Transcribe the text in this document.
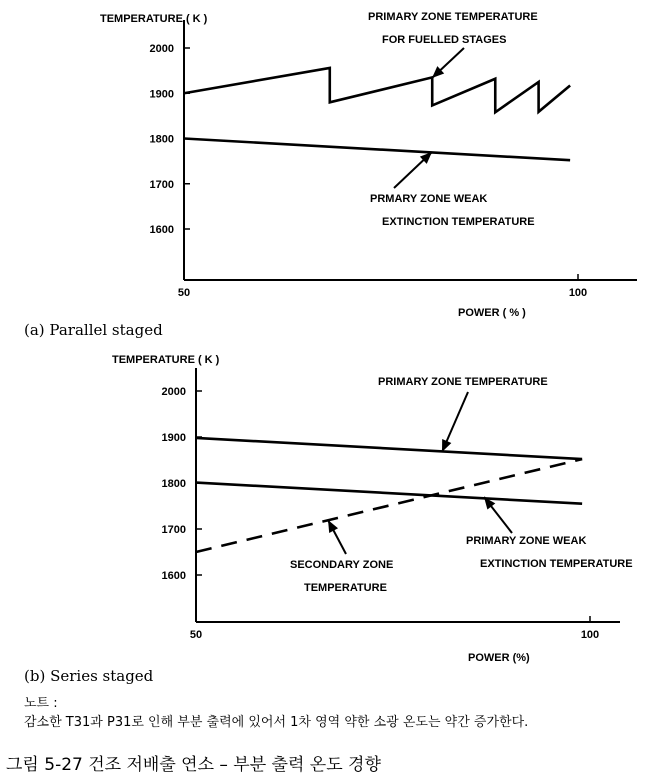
1600
1700
1800
1900
2000
50	100
TEMPERATURE ( K )
POWER ( % )
(a) Parallel staged
PRIMARY ZONE TEMPERATURE
FOR FUELLED STAGES
PRMARY ZONE WEAK
EXTINCTION TEMPERATURE
1600
1700
1800
1900
2000
50	100
TEMPERATURE ( K )
POWER (%)
(b) Series staged
PRIMARY ZONE TEMPERATURE
PRIMARY ZONE WEAK
EXTINCTION TEMPERATURE
SECONDARY ZONE
TEMPERATURE
노트 :
감소한 T31과 P31로 인해 부분 출력에 있어서 1차 영역 약한 소광 온도는 약간 증가한다.
그림 5-27 건조 저배출 연소 – 부분 출력 온도 경향
